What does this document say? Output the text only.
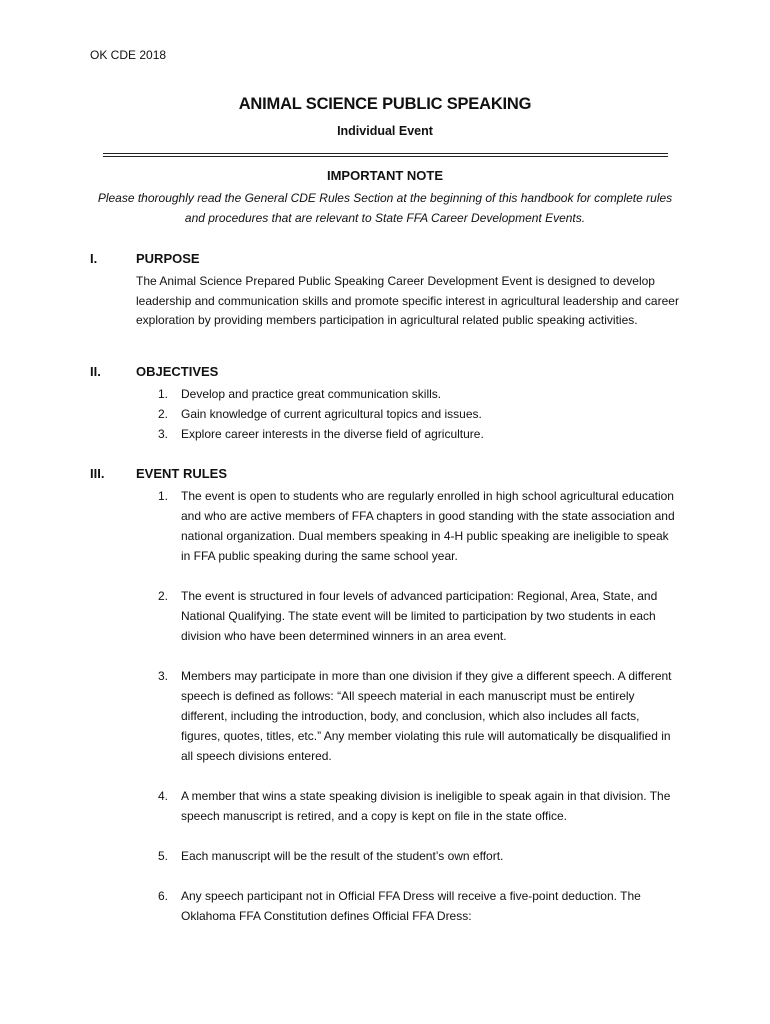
OK CDE 2018
ANIMAL SCIENCE PUBLIC SPEAKING
Individual Event
IMPORTANT NOTE
Please thoroughly read the General CDE Rules Section at the beginning of this handbook for complete rules and procedures that are relevant to State FFA Career Development Events.
I.	PURPOSE
The Animal Science Prepared Public Speaking Career Development Event is designed to develop leadership and communication skills and promote specific interest in agricultural leadership and career exploration by providing members participation in agricultural related public speaking activities.
II.	OBJECTIVES
1. Develop and practice great communication skills.
2. Gain knowledge of current agricultural topics and issues.
3. Explore career interests in the diverse field of agriculture.
III. EVENT RULES
1. The event is open to students who are regularly enrolled in high school agricultural education and who are active members of FFA chapters in good standing with the state association and national organization. Dual members speaking in 4-H public speaking are ineligible to speak in FFA public speaking during the same school year.
2. The event is structured in four levels of advanced participation: Regional, Area, State, and National Qualifying. The state event will be limited to participation by two students in each division who have been determined winners in an area event.
3. Members may participate in more than one division if they give a different speech. A different speech is defined as follows: “All speech material in each manuscript must be entirely different, including the introduction, body, and conclusion, which also includes all facts, figures, quotes, titles, etc.” Any member violating this rule will automatically be disqualified in all speech divisions entered.
4. A member that wins a state speaking division is ineligible to speak again in that division. The speech manuscript is retired, and a copy is kept on file in the state office.
5. Each manuscript will be the result of the student’s own effort.
6. Any speech participant not in Official FFA Dress will receive a five-point deduction. The Oklahoma FFA Constitution defines Official FFA Dress:
